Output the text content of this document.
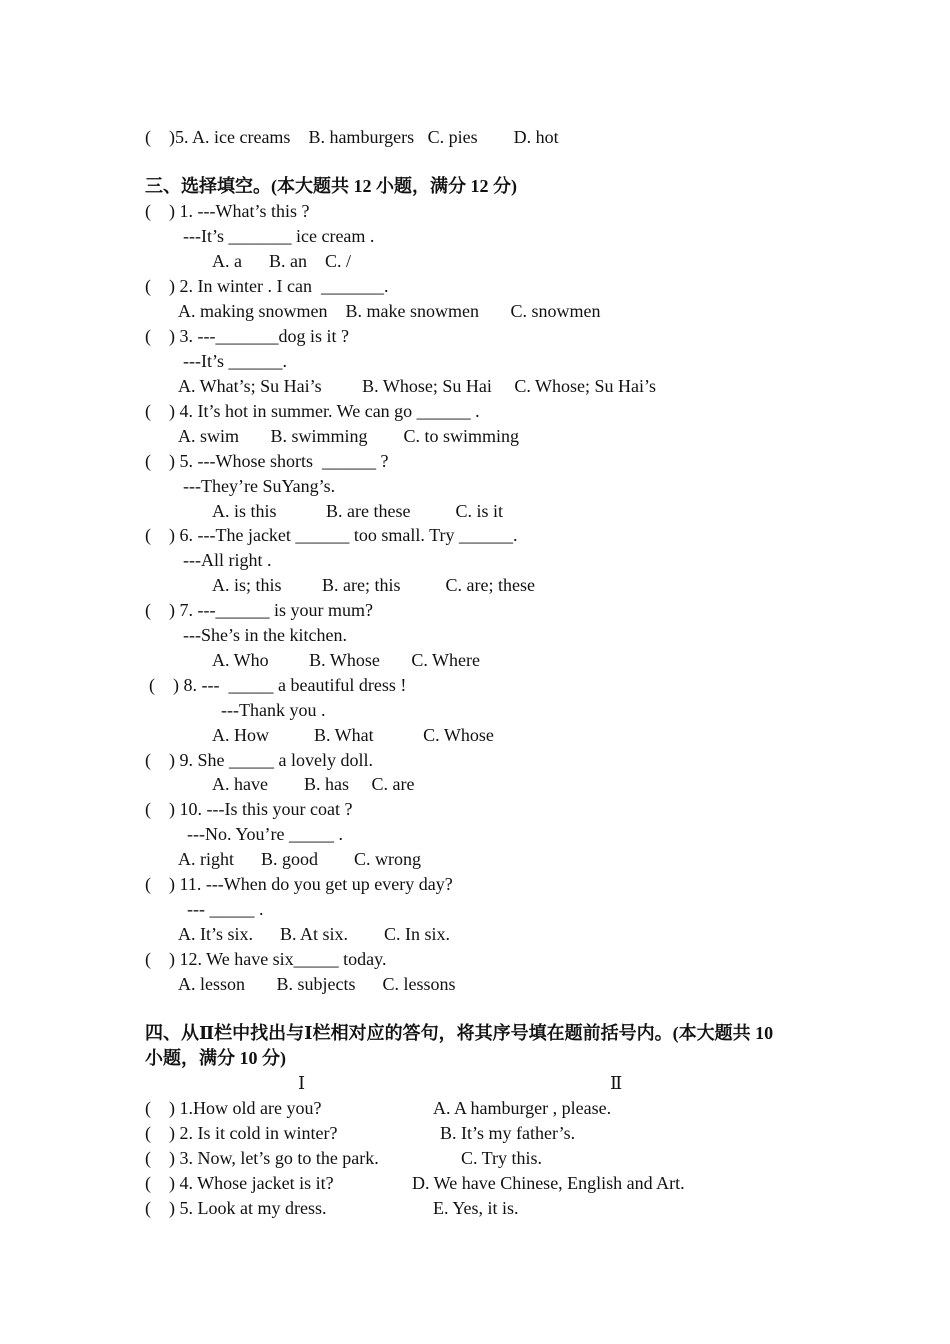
(    )5. A. ice creams    B. hamburgers   C. pies        D. hot
三、选择填空。(本大题共 12 小题，满分 12 分)
(    ) 1. ---What’s this ?
---It’s _______ ice cream .
A. a      B. an    C. /
(    ) 2. In winter . I can  _______.
A. making snowmen    B. make snowmen       C. snowmen
(    ) 3. ---_______dog is it ?
---It’s ______.
A. What’s; Su Hai’s         B. Whose; Su Hai     C. Whose; Su Hai’s
(    ) 4. It’s hot in summer. We can go ______ .
A. swim       B. swimming        C. to swimming
(    ) 5. ---Whose shorts  ______ ?
---They’re SuYang’s.
A. is this           B. are these          C. is it
(    ) 6. ---The jacket ______ too small. Try ______.
---All right .
A. is; this         B. are; this          C. are; these
(    ) 7. ---______ is your mum?
---She’s in the kitchen.
A. Who         B. Whose       C. Where
(    ) 8. ---  _____ a beautiful dress !
---Thank you .
A. How          B. What           C. Whose
(    ) 9. She _____ a lovely doll.
A. have        B. has     C. are
(    ) 10. ---Is this your coat ?
---No. You’re _____ .
A. right      B. good        C. wrong
(    ) 11. ---When do you get up every day?
--- _____ .
A. It’s six.      B. At six.        C. In six.
(    ) 12. We have six_____ today.
A. lesson       B. subjects      C. lessons
四、从Ⅱ栏中找出与Ⅰ栏相对应的答句，将其序号填在题前括号内。(本大题共 10
小题，满分 10 分)
Ⅰ	Ⅱ
(    ) 1.How old are you?	A. A hamburger , please.
(    ) 2. Is it cold in winter?	B. It’s my father’s.
(    ) 3. Now, let’s go to the park.	C. Try this.
(    ) 4. Whose jacket is it?	D. We have Chinese, English and Art.
(    ) 5. Look at my dress.	E. Yes, it is.
